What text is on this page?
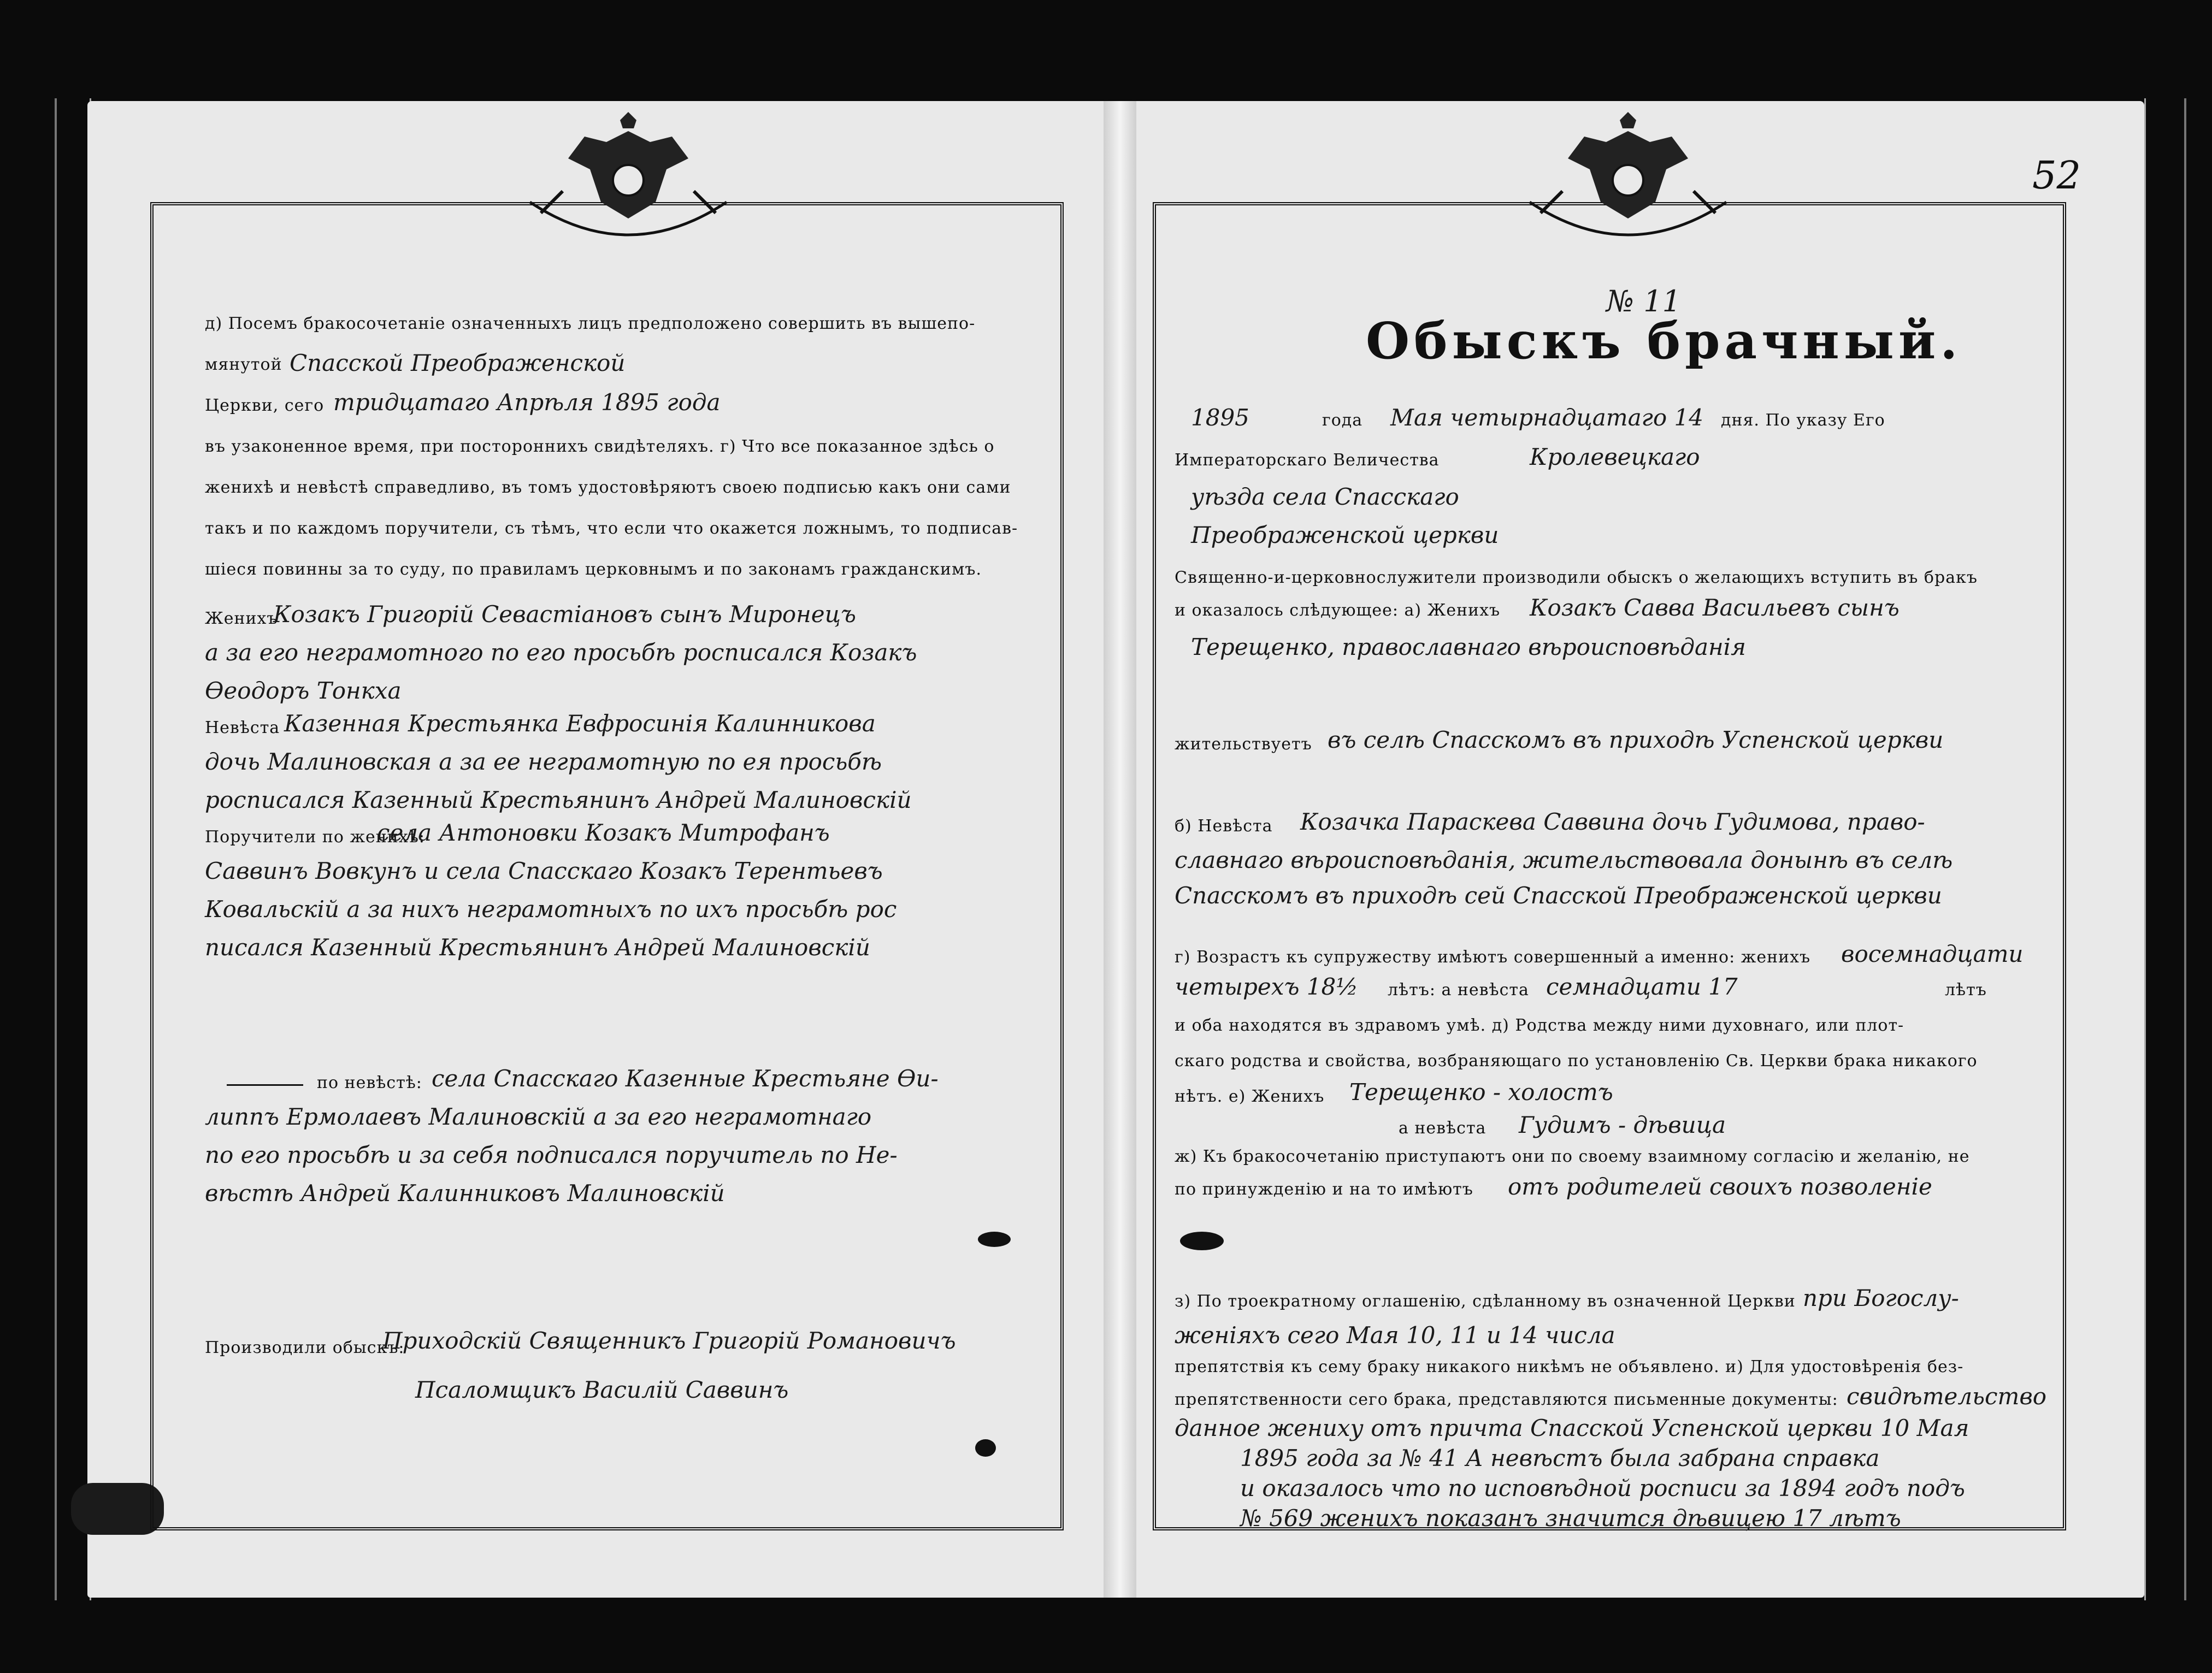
52
д) Посемъ бракосочетаніе означенныхъ лицъ предположено совершить въ вышепо-
мянутой Спасской Преображенской
Церкви, сего тридцатаго Апрѣля 1895 года
въ узаконенное время, при постороннихъ свидѣтеляхъ. г) Что все показанное здѣсь о
женихѣ и невѣстѣ справедливо, въ томъ удостовѣряютъ своею подписью какъ они сами
такъ и по каждомъ поручители, съ тѣмъ, что если что окажется ложнымъ, то подписав-
шіеся повинны за то суду, по правиламъ церковнымъ и по законамъ гражданскимъ.
Женихъ
Козакъ Григорій Севастіановъ сынъ Миронецъ
а за его неграмотного по его просьбѣ росписался Козакъ
Ѳеодоръ Тонкха
Невѣста Казенная Крестьянка Евфросинія Калинникова
дочь Малиновская а за ее неграмотную по ея просьбѣ
росписался Казенный Крестьянинъ Андрей Малиновскій
Поручители по женихѣ:
села Антоновки Козакъ Митрофанъ
Саввинъ Вовкунъ и села Спасскаго Козакъ Терентьевъ
Ковальскій а за нихъ неграмотныхъ по ихъ просьбѣ рос
писался Казенный Крестьянинъ Андрей Малиновскій
по невѣстѣ: села Спасскаго Казенные Крестьяне Ѳи-
липпъ Ермолаевъ Малиновскій а за его неграмотнаго
по его просьбѣ и за себя подписался поручитель по Не-
вѣстѣ Андрей Калинниковъ Малиновскій
Производили обыскъ:
Приходскій Священникъ Григорій Романовичъ
Псаломщикъ Василій Саввинъ
№ 11
Обыскъ брачный.
1895	года Мая четырнадцатаго 14 дня. По указу Его
Императорскаго Величества	Кролевецкаго
уѣзда села Спасскаго
Преображенской церкви
Священно-и-церковнослужители производили обыскъ о желающихъ вступить въ бракъ
и оказалось слѣдующее: а) Женихъ Козакъ Савва Васильевъ сынъ
Терещенко, православнаго вѣроисповѣданія
жительствуетъ въ селѣ Спасскомъ въ приходѣ Успенской церкви
б) Невѣста Козачка Параскева Саввина дочь Гудимова, право-
славнаго вѣроисповѣданія, жительствовала донынѣ въ селѣ
Спасскомъ въ приходѣ сей Спасской Преображенской церкви
г) Возрастъ къ супружеству имѣютъ совершенный а именно: женихъ восемнадцати
четырехъ 18½ лѣтъ: а невѣста семнадцати 17	лѣтъ
и оба находятся въ здравомъ умѣ. д) Родства между ними духовнаго, или плот-
скаго родства и свойства, возбраняющаго по установленію Св. Церкви брака никакого
нѣтъ. е) Женихъ Терещенко - холостъ
а невѣста Гудимъ - дѣвица
ж) Къ бракосочетанію приступаютъ они по своему взаимному согласію и желанію, не
по принужденію и на то имѣютъ отъ родителей своихъ позволеніе
з) По троекратному оглашенію, сдѣланному въ означенной Церкви при Богослу-
женіяхъ сего Мая 10, 11 и 14 числа
препятствія къ сему браку никакого никѣмъ не объявлено. и) Для удостовѣренія без-
препятственности сего брака, представляются письменные документы: свидѣтельство
данное жениху отъ причта Спасской Успенской церкви 10 Мая
1895 года за № 41 А невѣстъ была забрана справка
и оказалось что по исповѣдной росписи за 1894 годъ подъ
№ 569 женихъ показанъ значится дѣвицею 17 лѣтъ
